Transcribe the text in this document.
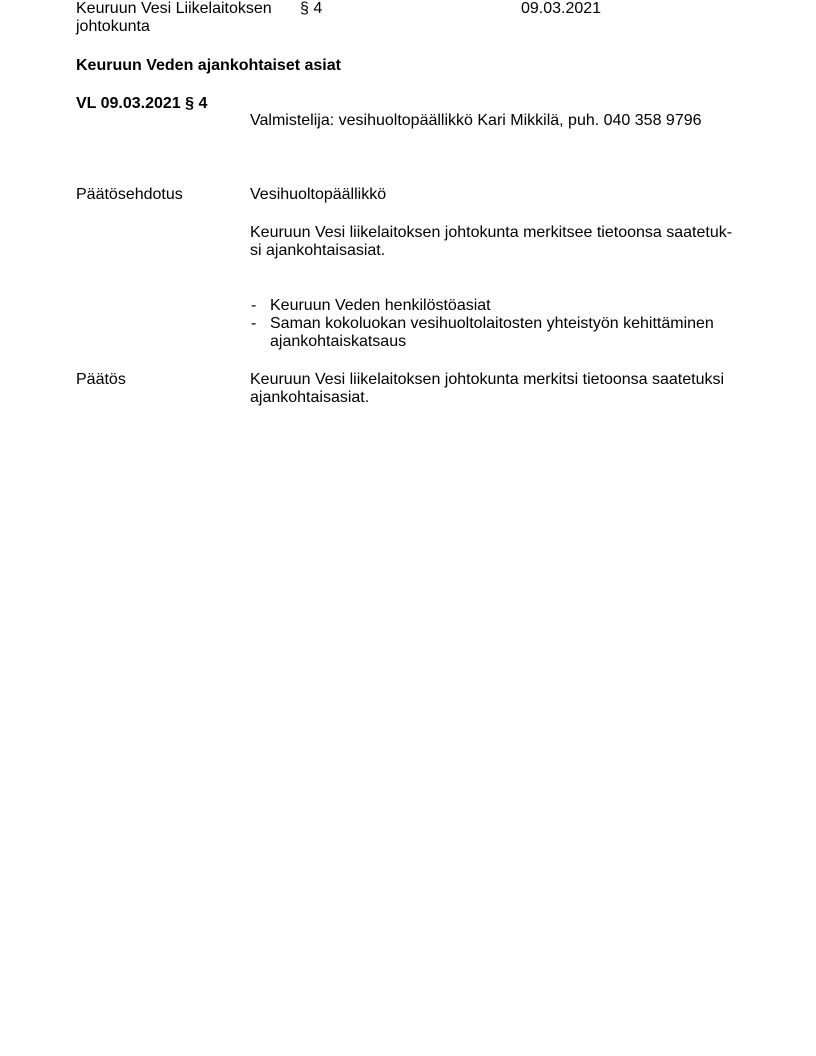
Keuruun Vesi Liikelaitoksen johtokunta
§ 4	09.03.2021
Keuruun Veden ajankohtaiset asiat
VL 09.03.2021 § 4
Valmistelija: vesihuoltopäällikkö Kari Mikkilä, puh. 040 358 9796
Päätösehdotus	Vesihuoltopäällikkö
Keuruun Vesi liikelaitoksen johtokunta merkitsee tietoonsa saatetuk-si ajankohtaisasiat.
- Keuruun Veden henkilöstöasiat
- Saman kokoluokan vesihuoltolaitosten yhteistyön kehittäminen ajankohtaiskatsaus
Päätös	Keuruun Vesi liikelaitoksen johtokunta merkitsi tietoonsa saatetuksi ajankohtaisasiat.
